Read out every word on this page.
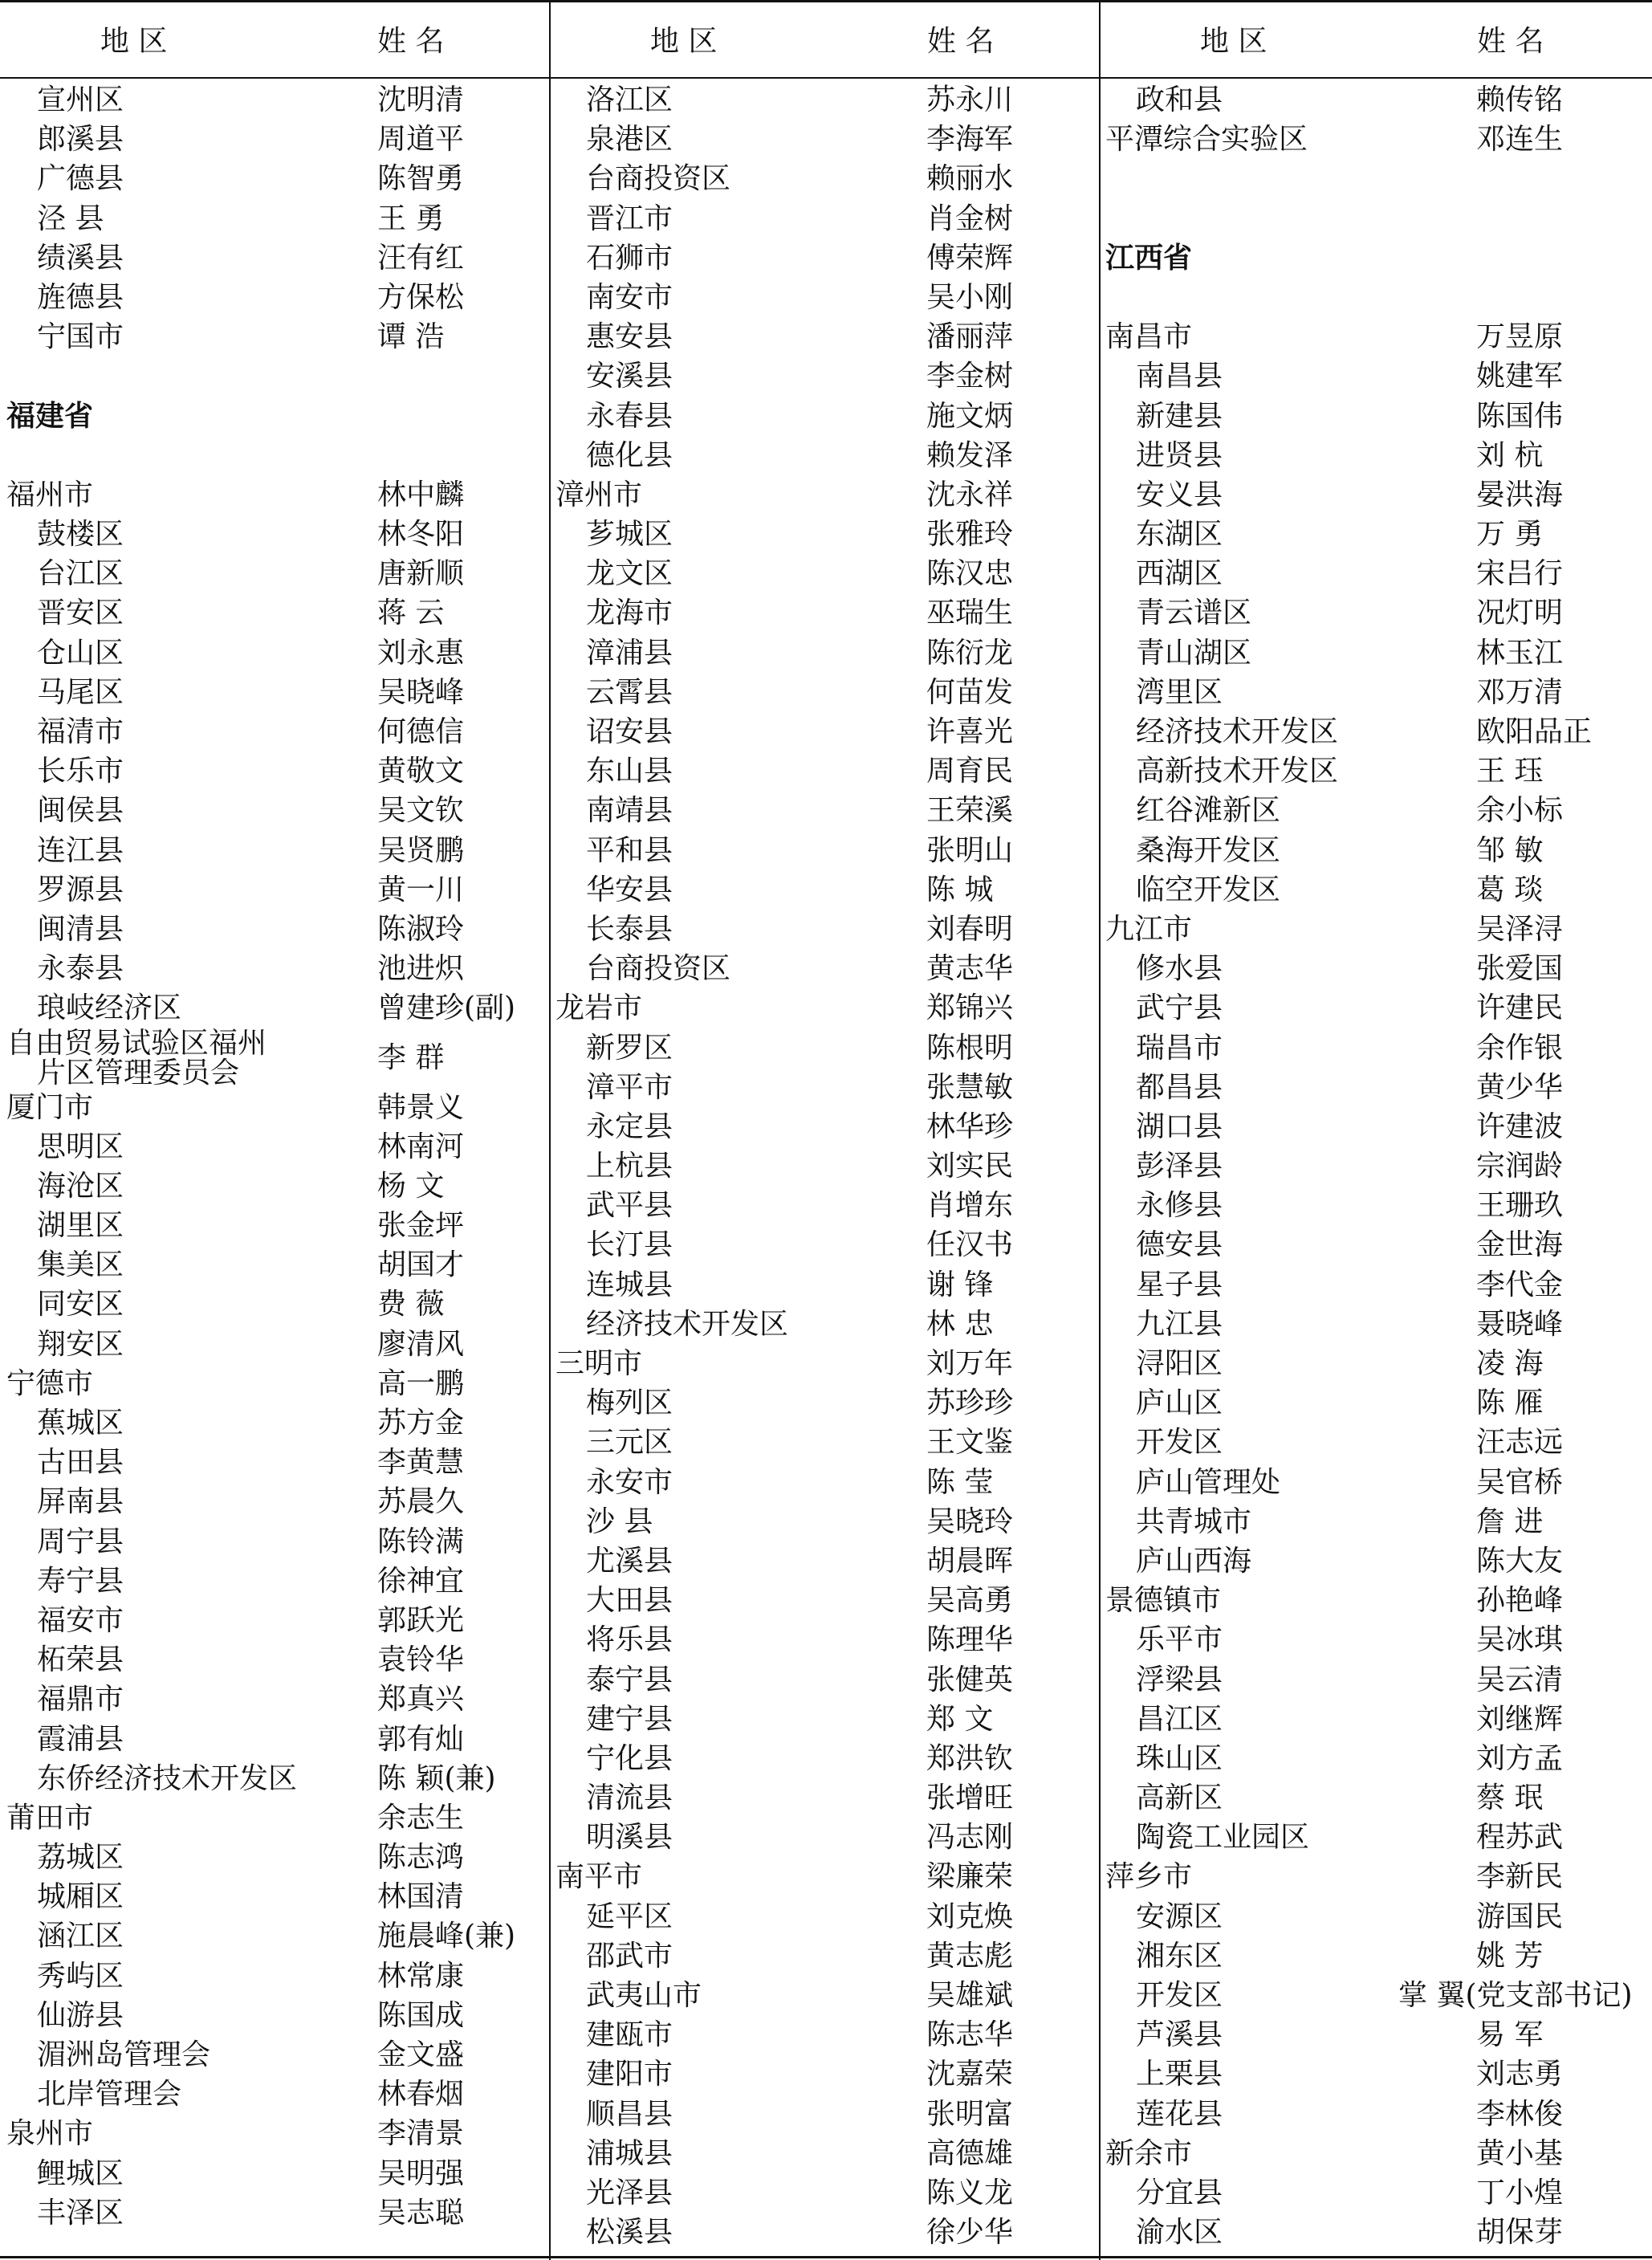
地 区	姓 名	地 区	姓 名	地 区	姓 名
宣州区	沈明清
郎溪县	周道平
广德县	陈智勇
泾 县	王 勇
绩溪县	汪有红
旌德县	方保松
宁国市	谭 浩
福建省
福州市	林中麟
鼓楼区	林冬阳
台江区	唐新顺
晋安区	蒋 云
仓山区	刘永惠
马尾区	吴晓峰
福清市	何德信
长乐市	黄敬文
闽侯县	吴文钦
连江县	吴贤鹏
罗源县	黄一川
闽清县	陈淑玲
永泰县	池进炽
琅岐经济区	曾建珍(副)
自由贸易试验区福州
片区管理委员会	李 群
厦门市	韩景义
思明区	林南河
海沧区	杨 文
湖里区	张金坪
集美区	胡国才
同安区	费 薇
翔安区	廖清风
宁德市	高一鹏
蕉城区	苏方金
古田县	李黄慧
屏南县	苏晨久
周宁县	陈铃满
寿宁县	徐神宜
福安市	郭跃光
柘荣县	袁铃华
福鼎市	郑真兴
霞浦县	郭有灿
东侨经济技术开发区	陈 颖(兼)
莆田市	余志生
荔城区	陈志鸿
城厢区	林国清
涵江区	施晨峰(兼)
秀屿区	林常康
仙游县	陈国成
湄洲岛管理会	金文盛
北岸管理会	林春烟
泉州市	李清景
鲤城区	吴明强
丰泽区	吴志聪
洛江区	苏永川
泉港区	李海军
台商投资区	赖丽水
晋江市	肖金树
石狮市	傅荣辉
南安市	吴小刚
惠安县	潘丽萍
安溪县	李金树
永春县	施文炳
德化县	赖发泽
漳州市	沈永祥
芗城区	张雅玲
龙文区	陈汉忠
龙海市	巫瑞生
漳浦县	陈衍龙
云霄县	何苗发
诏安县	许喜光
东山县	周育民
南靖县	王荣溪
平和县	张明山
华安县	陈 城
长泰县	刘春明
台商投资区	黄志华
龙岩市	郑锦兴
新罗区	陈根明
漳平市	张慧敏
永定县	林华珍
上杭县	刘实民
武平县	肖增东
长汀县	任汉书
连城县	谢 锋
经济技术开发区	林 忠
三明市	刘万年
梅列区	苏珍珍
三元区	王文鉴
永安市	陈 莹
沙 县	吴晓玲
尤溪县	胡晨晖
大田县	吴高勇
将乐县	陈理华
泰宁县	张健英
建宁县	郑 文
宁化县	郑洪钦
清流县	张增旺
明溪县	冯志刚
南平市	梁廉荣
延平区	刘克焕
邵武市	黄志彪
武夷山市	吴雄斌
建瓯市	陈志华
建阳市	沈嘉荣
顺昌县	张明富
浦城县	高德雄
光泽县	陈义龙
松溪县	徐少华
政和县	赖传铭
平潭综合实验区	邓连生
江西省
南昌市	万昱原
南昌县	姚建军
新建县	陈国伟
进贤县	刘 杭
安义县	晏洪海
东湖区	万 勇
西湖区	宋吕行
青云谱区	况灯明
青山湖区	林玉江
湾里区	邓万清
经济技术开发区	欧阳品正
高新技术开发区	王 珏
红谷滩新区	余小标
桑海开发区	邹 敏
临空开发区	葛 琰
九江市	吴泽浔
修水县	张爱国
武宁县	许建民
瑞昌市	余作银
都昌县	黄少华
湖口县	许建波
彭泽县	宗润龄
永修县	王珊玖
德安县	金世海
星子县	李代金
九江县	聂晓峰
浔阳区	凌 海
庐山区	陈 雁
开发区	汪志远
庐山管理处	吴官桥
共青城市	詹 进
庐山西海	陈大友
景德镇市	孙艳峰
乐平市	吴冰琪
浮梁县	吴云清
昌江区	刘继辉
珠山区	刘方孟
高新区	蔡 珉
陶瓷工业园区	程苏武
萍乡市	李新民
安源区	游国民
湘东区	姚 芳
开发区	掌 翼(党支部书记)
芦溪县	易 军
上栗县	刘志勇
莲花县	李林俊
新余市	黄小基
分宜县	丁小煌
渝水区	胡保芽
